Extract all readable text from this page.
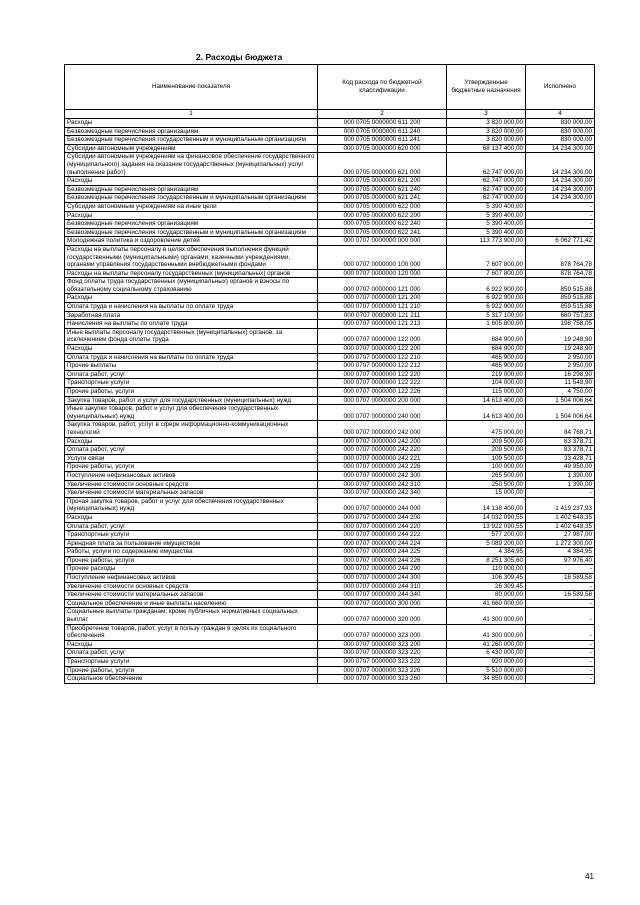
2. Расходы бюджета
Наименование показателя	Код расхода по бюджетной классификации	Утвержденные бюджетные назначения	Исполнено
1	2	3	4
Расходы	000 0705 0000000 611 200	3 820 000,00	830 000,00
Безвозмездные перечисления организациям	000 0705 0000000 611 240	3 820 000,00	830 000,00
Безвозмездные перечисления государственным и муниципальным организациям	000 0705 0000000 611 241	3 820 000,00	830 000,00
Субсидии автономным учреждениям	000 0705 0000000 620 000	68 137 400,00	14 234 300,00
Субсидии автономным учреждениям на финансовое обеспечение государственного (муниципального) задания на оказание государственных (муниципальных) услуг (выполнение работ)	000 0705 0000000 621 000	62 747 000,00	14 234 300,00
Расходы	000 0705 0000000 621 200	62 747 000,00	14 234 300,00
Безвозмездные перечисления организациям	000 0705 0000000 621 240	62 747 000,00	14 234 300,00
Безвозмездные перечисления государственным и муниципальным организациям	000 0705 0000000 621 241	62 747 000,00	14 234 300,00
Субсидии автономным учреждениям на иные цели	000 0705 0000000 622 000	5 390 400,00	-
Расходы	000 0705 0000000 622 200	5 390 400,00	-
Безвозмездные перечисления организациям	000 0705 0000000 622 240	5 390 400,00	-
Безвозмездные перечисления государственным и муниципальным организациям	000 0705 0000000 622 241	5 390 400,00	-
Молодежная политика и оздоровление детей	000 0707 0000000 000 000	113 773 900,00	6 062 771,42
Расходы на выплаты персоналу в целях обеспечения выполнения функций государственными (муниципальными) органами, казенными учреждениями, органами управления государственными внебюджетными фондами	000 0707 0000000 100 000	7 607 800,00	878 764,78
Расходы на выплаты персоналу государственных (муниципальных) органов	000 0707 0000000 120 000	7 607 800,00	878 764,78
Фонд оплаты труда государственных (муниципальных) органов и взносы по обязательному социальному страхованию	000 0707 0000000 121 000	6 922 900,00	859 515,88
Расходы	000 0707 0000000 121 200	6 922 900,00	859 515,88
Оплата труда и начисления на выплаты по оплате труда	000 0707 0000000 121 210	6 922 900,00	859 515,88
Заработная плата	000 0707 0000000 121 211	5 317 100,00	660 757,83
Начисления на выплаты по оплате труда	000 0707 0000000 121 213	1 605 800,00	198 758,05
Иные выплаты персоналу государственных (муниципальных) органов, за исключением фонда оплаты труда	000 0707 0000000 122 000	684 900,00	19 248,90
Расходы	000 0707 0000000 122 200	684 900,00	19 248,90
Оплата труда и начисления на выплаты по оплате труда	000 0707 0000000 122 210	465 900,00	2 950,00
Прочие выплаты	000 0707 0000000 122 212	465 900,00	2 950,00
Оплата работ, услуг	000 0707 0000000 122 220	219 000,00	16 298,90
Транспортные услуги	000 0707 0000000 122 222	104 000,00	11 548,90
Прочие работы, услуги	000 0707 0000000 122 226	115 000,00	4 750,00
Закупка товаров, работ и услуг для государственных (муниципальных) нужд	000 0707 0000000 200 000	14 613 400,00	1 504 006,64
Иные закупки товаров, работ и услуг для обеспечения государственных (муниципальных) нужд	000 0707 0000000 240 000	14 613 400,00	1 504 006,64
Закупка товаров, работ, услуг в сфере информационно-коммуникационных технологий	000 0707 0000000 242 000	475 000,00	84 768,71
Расходы	000 0707 0000000 242 200	209 500,00	83 378,71
Оплата работ, услуг	000 0707 0000000 242 220	209 500,00	83 378,71
Услуги связи	000 0707 0000000 242 221	109 500,00	33 428,71
Прочие работы, услуги	000 0707 0000000 242 226	100 000,00	49 950,00
Поступление нефинансовых активов	000 0707 0000000 242 300	265 500,00	1 390,00
Увеличение стоимости основных средств	000 0707 0000000 242 310	250 500,00	1 390,00
Увеличение стоимости материальных запасов	000 0707 0000000 242 340	15 000,00	-
Прочая закупка товаров, работ и услуг для обеспечения государственных (муниципальных) нужд	000 0707 0000000 244 000	14 138 400,00	1 419 237,93
Расходы	000 0707 0000000 244 200	14 032 090,55	1 402 648,35
Оплата работ, услуг	000 0707 0000000 244 220	13 922 090,55	1 402 648,35
Транспортные услуги	000 0707 0000000 244 222	577 200,00	27 987,00
Арендная плата за пользование имуществом	000 0707 0000000 244 224	5 089 200,00	1 272 300,00
Работы, услуги по содержанию имущества	000 0707 0000000 244 225	4 384,95	4 384,95
Прочие работы, услуги	000 0707 0000000 244 226	8 251 305,60	97 976,40
Прочие расходы	000 0707 0000000 244 290	110 000,00	-
Поступление нефинансовых активов	000 0707 0000000 244 300	106 309,45	16 589,58
Увеличение стоимости основных средств	000 0707 0000000 244 310	26 309,45	-
Увеличение стоимости материальных запасов	000 0707 0000000 244 340	80 000,00	16 589,58
Социальное обеспечение и иные выплаты населению	000 0707 0000000 300 000	41 660 000,00	-
Социальные выплаты гражданам, кроме публичных нормативных социальных выплат	000 0707 0000000 320 000	41 300 000,00	-
Приобретение товаров, работ, услуг в пользу граждан в целях их социального обеспечения	000 0707 0000000 323 000	41 300 000,00	-
Расходы	000 0707 0000000 323 200	41 260 000,00	-
Оплата работ, услуг	000 0707 0000000 323 220	6 430 000,00	-
Транспортные услуги	000 0707 0000000 323 222	920 000,00	-
Прочие работы, услуги	000 0707 0000000 323 226	5 510 000,00	-
Социальное обеспечение	000 0707 0000000 323 260	34 850 000,00	-
41
